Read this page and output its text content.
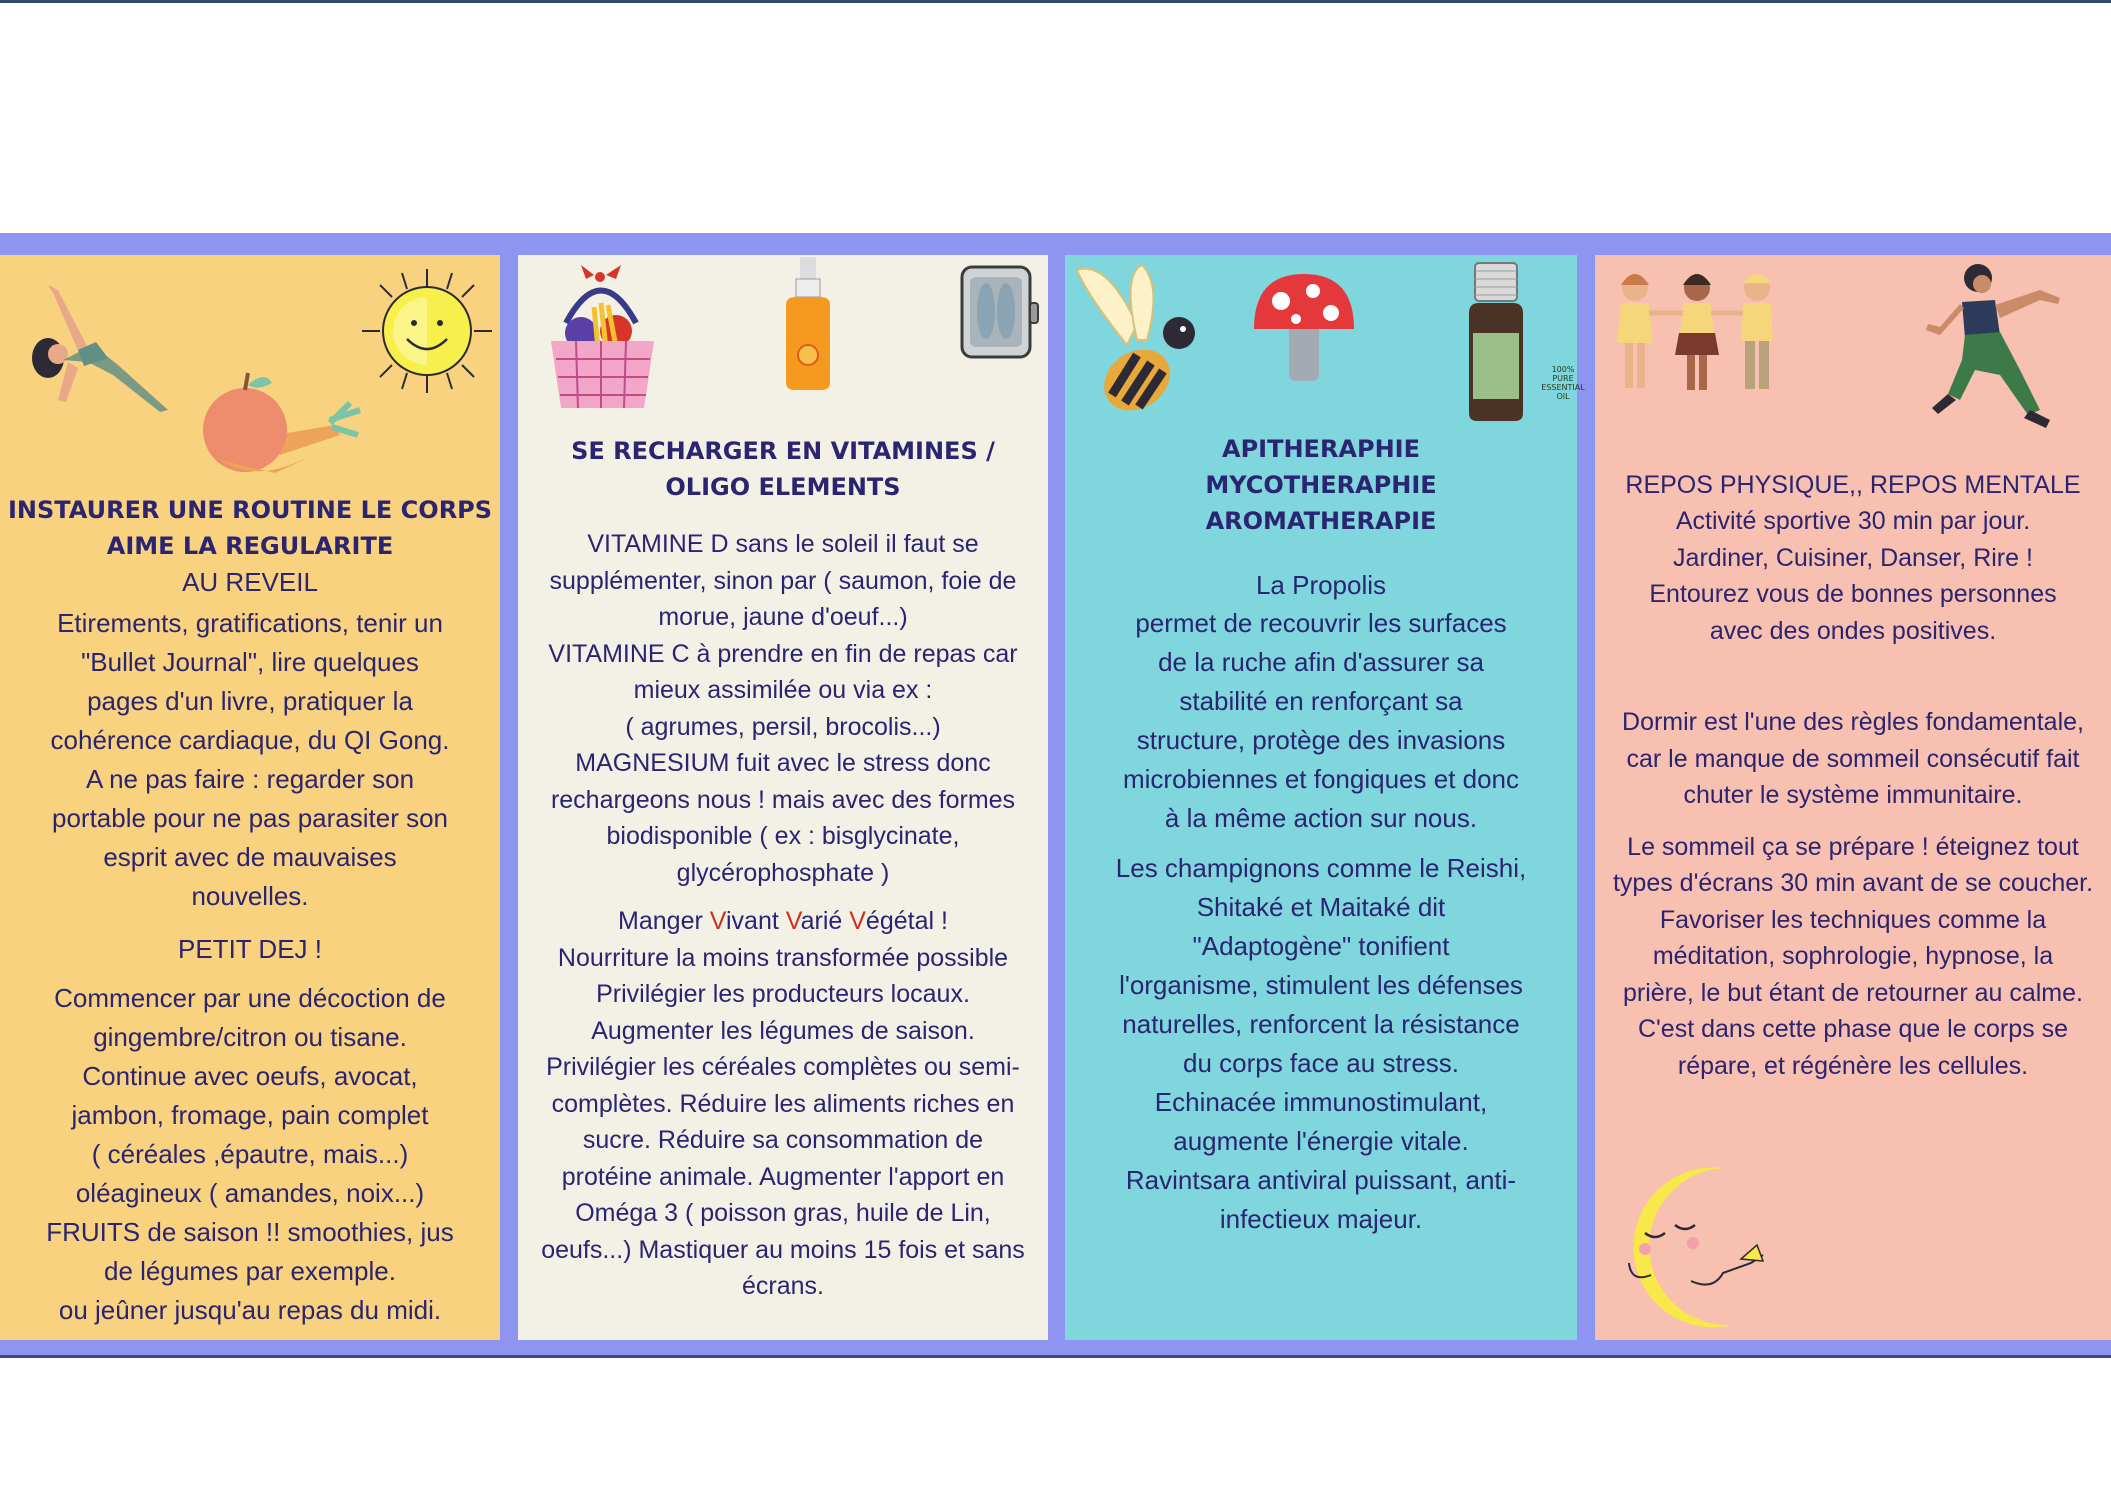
INSTAURER UNE ROUTINE LE CORPS
AIME LA REGULARITE
AU REVEIL
Etirements, gratifications, tenir un
"Bullet Journal", lire quelques
pages d'un livre, pratiquer la
cohérence cardiaque, du QI Gong.
A ne pas faire : regarder son
portable pour ne pas parasiter son
esprit avec de mauvaises
nouvelles.
PETIT DEJ !
Commencer par une décoction de
gingembre/citron ou tisane.
Continue avec oeufs, avocat,
jambon, fromage, pain complet
( céréales ,épautre, mais...)
oléagineux ( amandes, noix...)
FRUITS de saison !! smoothies, jus
de légumes par exemple.
ou jeûner jusqu'au repas du midi.
SE RECHARGER EN VITAMINES /
OLIGO ELEMENTS
VITAMINE D sans le soleil il faut se
supplémenter, sinon par ( saumon, foie de
morue, jaune d'oeuf...)
VITAMINE C à prendre en fin de repas car
mieux assimilée ou via ex :
( agrumes, persil, brocolis...)
MAGNESIUM fuit avec le stress donc
rechargeons nous ! mais avec des formes
biodisponible ( ex : bisglycinate,
glycérophosphate )
Manger Vivant Varié Végétal !
Nourriture la moins transformée possible
Privilégier les producteurs locaux.
Augmenter les légumes de saison.
Privilégier les céréales complètes ou semi-
complètes. Réduire les aliments riches en
sucre. Réduire sa consommation de
protéine animale. Augmenter l'apport en
Oméga 3 ( poisson gras, huile de Lin,
oeufs...) Mastiquer au moins 15 fois et sans
écrans.
100% PURE ESSENTIAL OIL
APITHERAPHIE
MYCOTHERAPHIE
AROMATHERAPIE
La Propolis
permet de recouvrir les surfaces
de la ruche afin d'assurer sa
stabilité en renforçant sa
structure, protège des invasions
microbiennes et fongiques et donc
à la même action sur nous.
Les champignons comme le Reishi,
Shitaké et Maitaké dit
"Adaptogène" tonifient
l'organisme, stimulent les défenses
naturelles, renforcent la résistance
du corps face au stress.
Echinacée immunostimulant,
augmente l'énergie vitale.
Ravintsara antiviral puissant, anti-
infectieux majeur.
REPOS PHYSIQUE,, REPOS MENTALE
Activité sportive 30 min par jour.
Jardiner, Cuisiner, Danser, Rire !
Entourez vous de bonnes personnes
avec des ondes positives.
Dormir est l'une des règles fondamentale,
car le manque de sommeil consécutif fait
chuter le système immunitaire.
Le sommeil ça se prépare ! éteignez tout
types d'écrans 30 min avant de se coucher.
Favoriser les techniques comme la
méditation, sophrologie, hypnose, la
prière, le but étant de retourner au calme.
C'est dans cette phase que le corps se
répare, et régénère les cellules.
